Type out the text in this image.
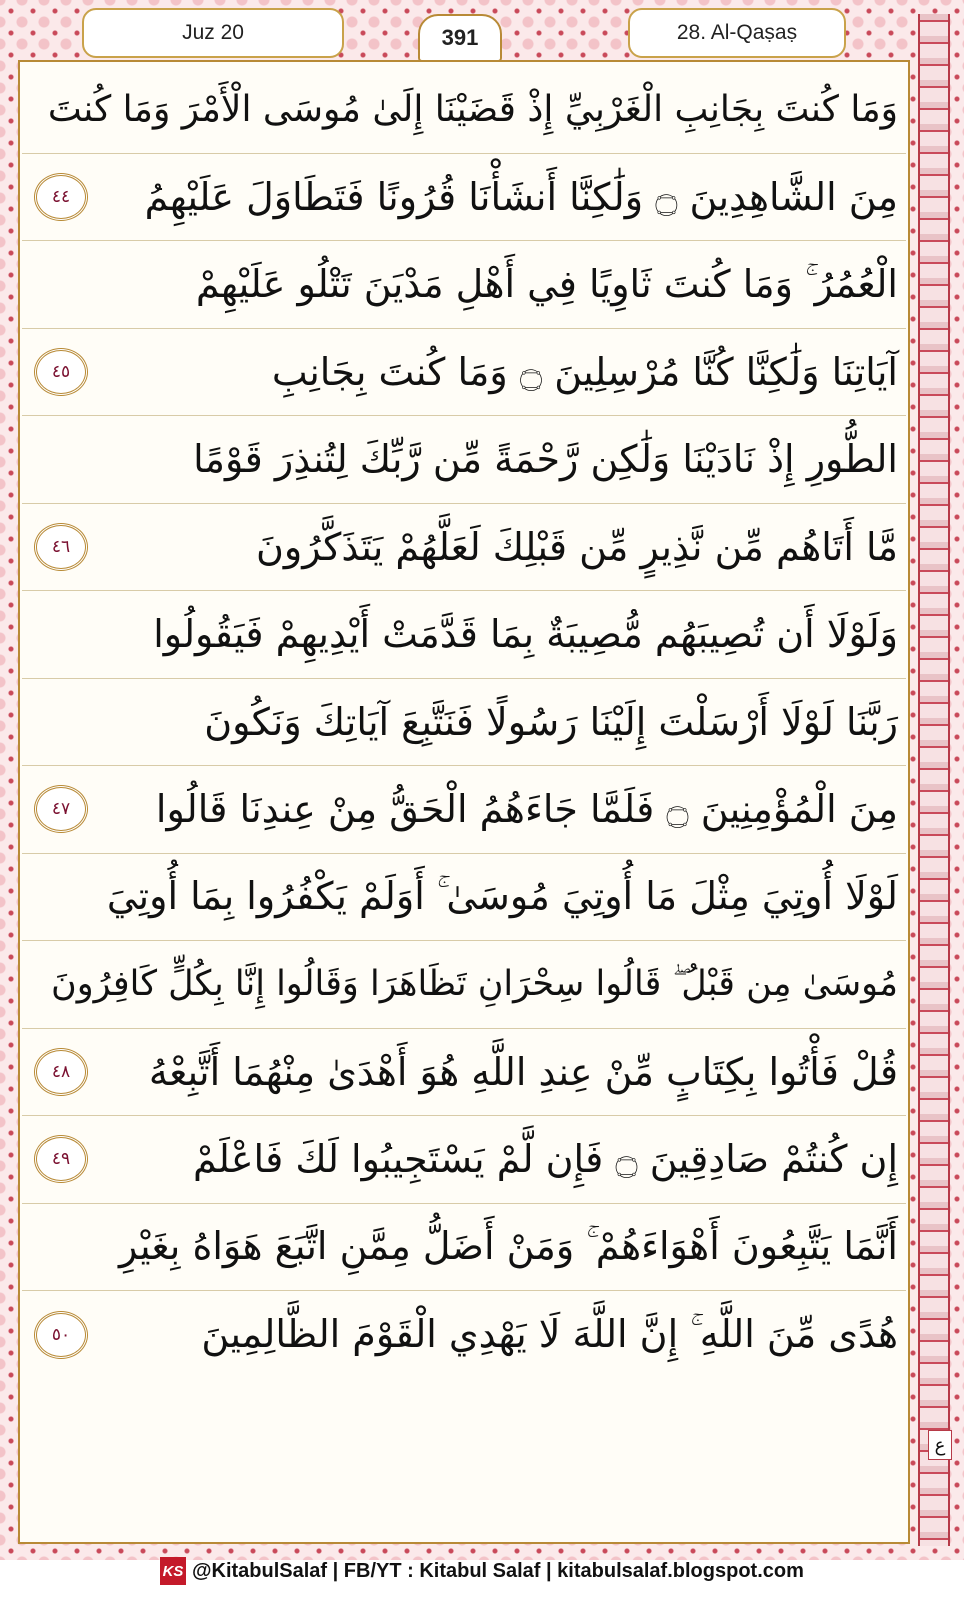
Juz 20	391	28. Al-Qaṣaṣ
وَمَا كُنتَ بِجَانِبِ الْغَرْبِيِّ إِذْ قَضَيْنَا إِلَىٰ مُوسَى الْأَمْرَ وَمَا كُنتَ
مِنَ الشَّاهِدِينَ ۝ وَلَٰكِنَّا أَنشَأْنَا قُرُونًا فَتَطَاوَلَ عَلَيْهِمُ
٤٤
الْعُمُرُ ۚ وَمَا كُنتَ ثَاوِيًا فِي أَهْلِ مَدْيَنَ تَتْلُو عَلَيْهِمْ
آيَاتِنَا وَلَٰكِنَّا كُنَّا مُرْسِلِينَ ۝ وَمَا كُنتَ بِجَانِبِ
٤٥
الطُّورِ إِذْ نَادَيْنَا وَلَٰكِن رَّحْمَةً مِّن رَّبِّكَ لِتُنذِرَ قَوْمًا
مَّا أَتَاهُم مِّن نَّذِيرٍ مِّن قَبْلِكَ لَعَلَّهُمْ يَتَذَكَّرُونَ
٤٦
وَلَوْلَا أَن تُصِيبَهُم مُّصِيبَةٌ بِمَا قَدَّمَتْ أَيْدِيهِمْ فَيَقُولُوا
رَبَّنَا لَوْلَا أَرْسَلْتَ إِلَيْنَا رَسُولًا فَنَتَّبِعَ آيَاتِكَ وَنَكُونَ
مِنَ الْمُؤْمِنِينَ ۝ فَلَمَّا جَاءَهُمُ الْحَقُّ مِنْ عِندِنَا قَالُوا
٤٧
لَوْلَا أُوتِيَ مِثْلَ مَا أُوتِيَ مُوسَىٰ ۚ أَوَلَمْ يَكْفُرُوا بِمَا أُوتِيَ
مُوسَىٰ مِن قَبْلُ ۖ قَالُوا سِحْرَانِ تَظَاهَرَا وَقَالُوا إِنَّا بِكُلٍّ كَافِرُونَ
قُلْ فَأْتُوا بِكِتَابٍ مِّنْ عِندِ اللَّهِ هُوَ أَهْدَىٰ مِنْهُمَا أَتَّبِعْهُ
٤٨
إِن كُنتُمْ صَادِقِينَ ۝ فَإِن لَّمْ يَسْتَجِيبُوا لَكَ فَاعْلَمْ
٤٩
أَنَّمَا يَتَّبِعُونَ أَهْوَاءَهُمْ ۚ وَمَنْ أَضَلُّ مِمَّنِ اتَّبَعَ هَوَاهُ بِغَيْرِ
هُدًى مِّنَ اللَّهِ ۚ إِنَّ اللَّهَ لَا يَهْدِي الْقَوْمَ الظَّالِمِينَ
٥٠
ع
KS @KitabulSalaf | FB/YT : Kitabul Salaf | kitabulsalaf.blogspot.com
